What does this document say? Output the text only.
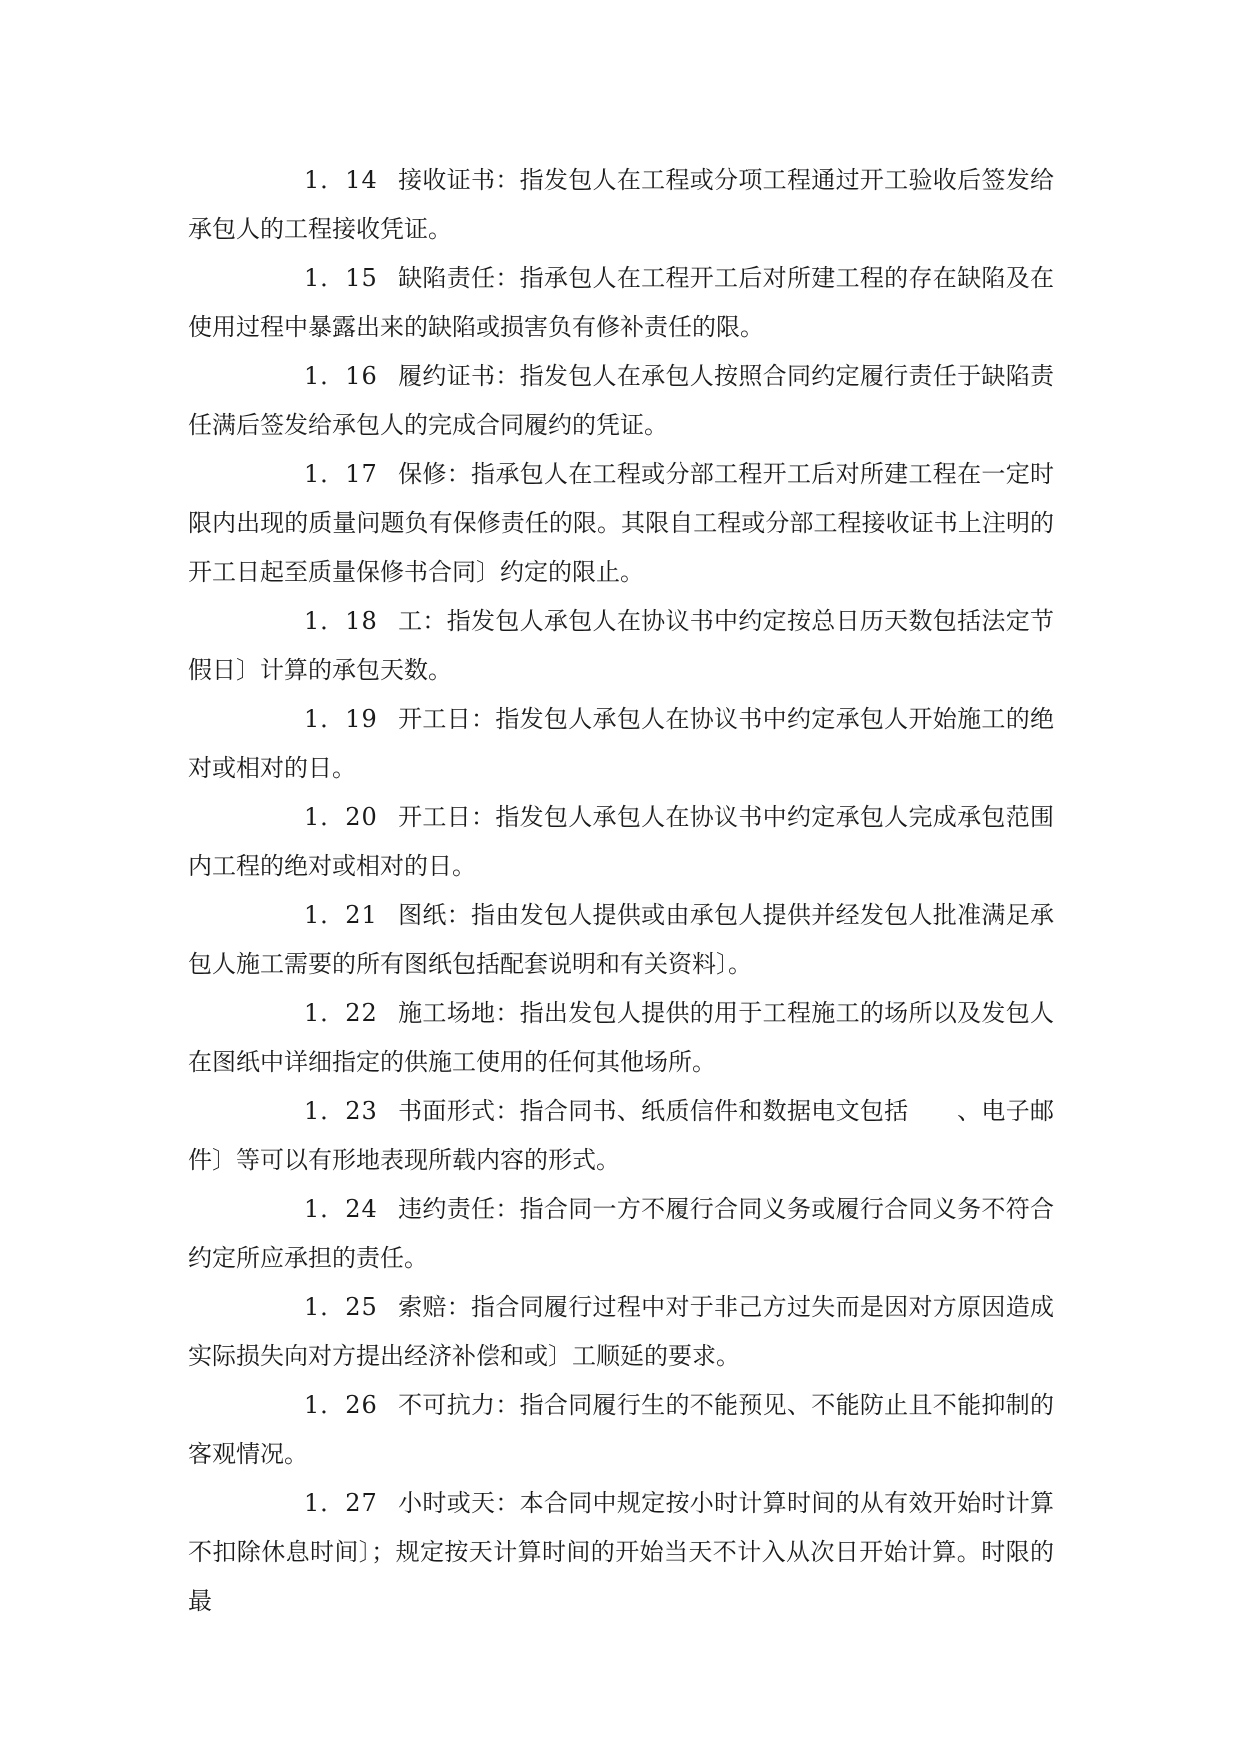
1．14 接收证书：指发包人在工程或分项工程通过开工验收后签发给承包人的工程接收凭证。

1．15 缺陷责任：指承包人在工程开工后对所建工程的存在缺陷及在使用过程中暴露出来的缺陷或损害负有修补责任的限。

1．16 履约证书：指发包人在承包人按照合同约定履行责任于缺陷责任满后签发给承包人的完成合同履约的凭证。

1．17 保修：指承包人在工程或分部工程开工后对所建工程在一定时限内出现的质量问题负有保修责任的限。其限自工程或分部工程接收证书上注明的开工日起至质量保修书合同〕约定的限止。

1．18 工：指发包人承包人在协议书中约定按总日历天数包括法定节假日〕计算的承包天数。

1．19 开工日：指发包人承包人在协议书中约定承包人开始施工的绝对或相对的日。

1．20 开工日：指发包人承包人在协议书中约定承包人完成承包范围内工程的绝对或相对的日。

1．21 图纸：指由发包人提供或由承包人提供并经发包人批准满足承包人施工需要的所有图纸包括配套说明和有关资料〕。

1．22 施工场地：指出发包人提供的用于工程施工的场所以及发包人在图纸中详细指定的供施工使用的任何其他场所。

1．23 书面形式：指合同书、纸质信件和数据电文包括　　、电子邮件〕等可以有形地表现所载内容的形式。

1．24 违约责任：指合同一方不履行合同义务或履行合同义务不符合约定所应承担的责任。

1．25 索赔：指合同履行过程中对于非己方过失而是因对方原因造成实际损失向对方提出经济补偿和或〕工顺延的要求。

1．26 不可抗力：指合同履行生的不能预见、不能防止且不能抑制的客观情况。

1．27 小时或天：本合同中规定按小时计算时间的从有效开始时计算不扣除休息时间〕；规定按天计算时间的开始当天不计入从次日开始计算。时限的最
